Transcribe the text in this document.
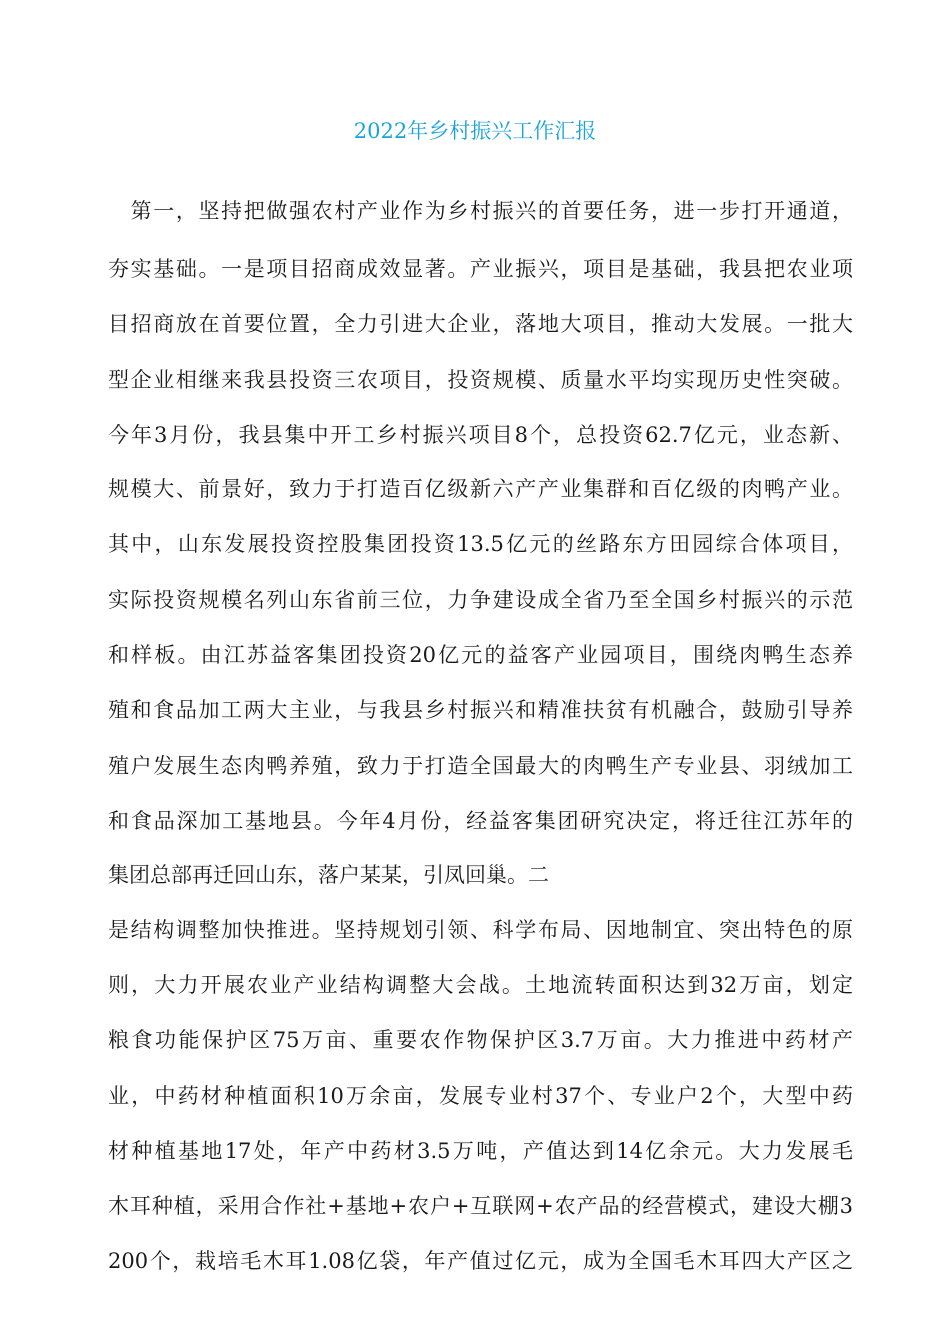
2022年乡村振兴工作汇报
　第一，坚持把做强农村产业作为乡村振兴的首要任务，进一步打开通道，
夯实基础。一是项目招商成效显著。产业振兴，项目是基础，我县把农业项
目招商放在首要位置，全力引进大企业，落地大项目，推动大发展。一批大
型企业相继来我县投资三农项目，投资规模、质量水平均实现历史性突破。
今年3月份，我县集中开工乡村振兴项目8个，总投资62.7亿元，业态新、
规模大、前景好，致力于打造百亿级新六产产业集群和百亿级的肉鸭产业。
其中，山东发展投资控股集团投资13.5亿元的丝路东方田园综合体项目，
实际投资规模名列山东省前三位，力争建设成全省乃至全国乡村振兴的示范
和样板。由江苏益客集团投资20亿元的益客产业园项目，围绕肉鸭生态养
殖和食品加工两大主业，与我县乡村振兴和精准扶贫有机融合，鼓励引导养
殖户发展生态肉鸭养殖，致力于打造全国最大的肉鸭生产专业县、羽绒加工
和食品深加工基地县。今年4月份，经益客集团研究决定，将迁往江苏年的
集团总部再迁回山东，落户某某，引凤回巢。二
是结构调整加快推进。坚持规划引领、科学布局、因地制宜、突出特色的原
则，大力开展农业产业结构调整大会战。土地流转面积达到32万亩，划定
粮食功能保护区75万亩、重要农作物保护区3.7万亩。大力推进中药材产
业，中药材种植面积10万余亩，发展专业村37个、专业户2个，大型中药
材种植基地17处，年产中药材3.5万吨，产值达到14亿余元。大力发展毛
木耳种植，采用合作社+基地+农户+互联网+农产品的经营模式，建设大棚3
200个，栽培毛木耳1.08亿袋，年产值过亿元，成为全国毛木耳四大产区之
